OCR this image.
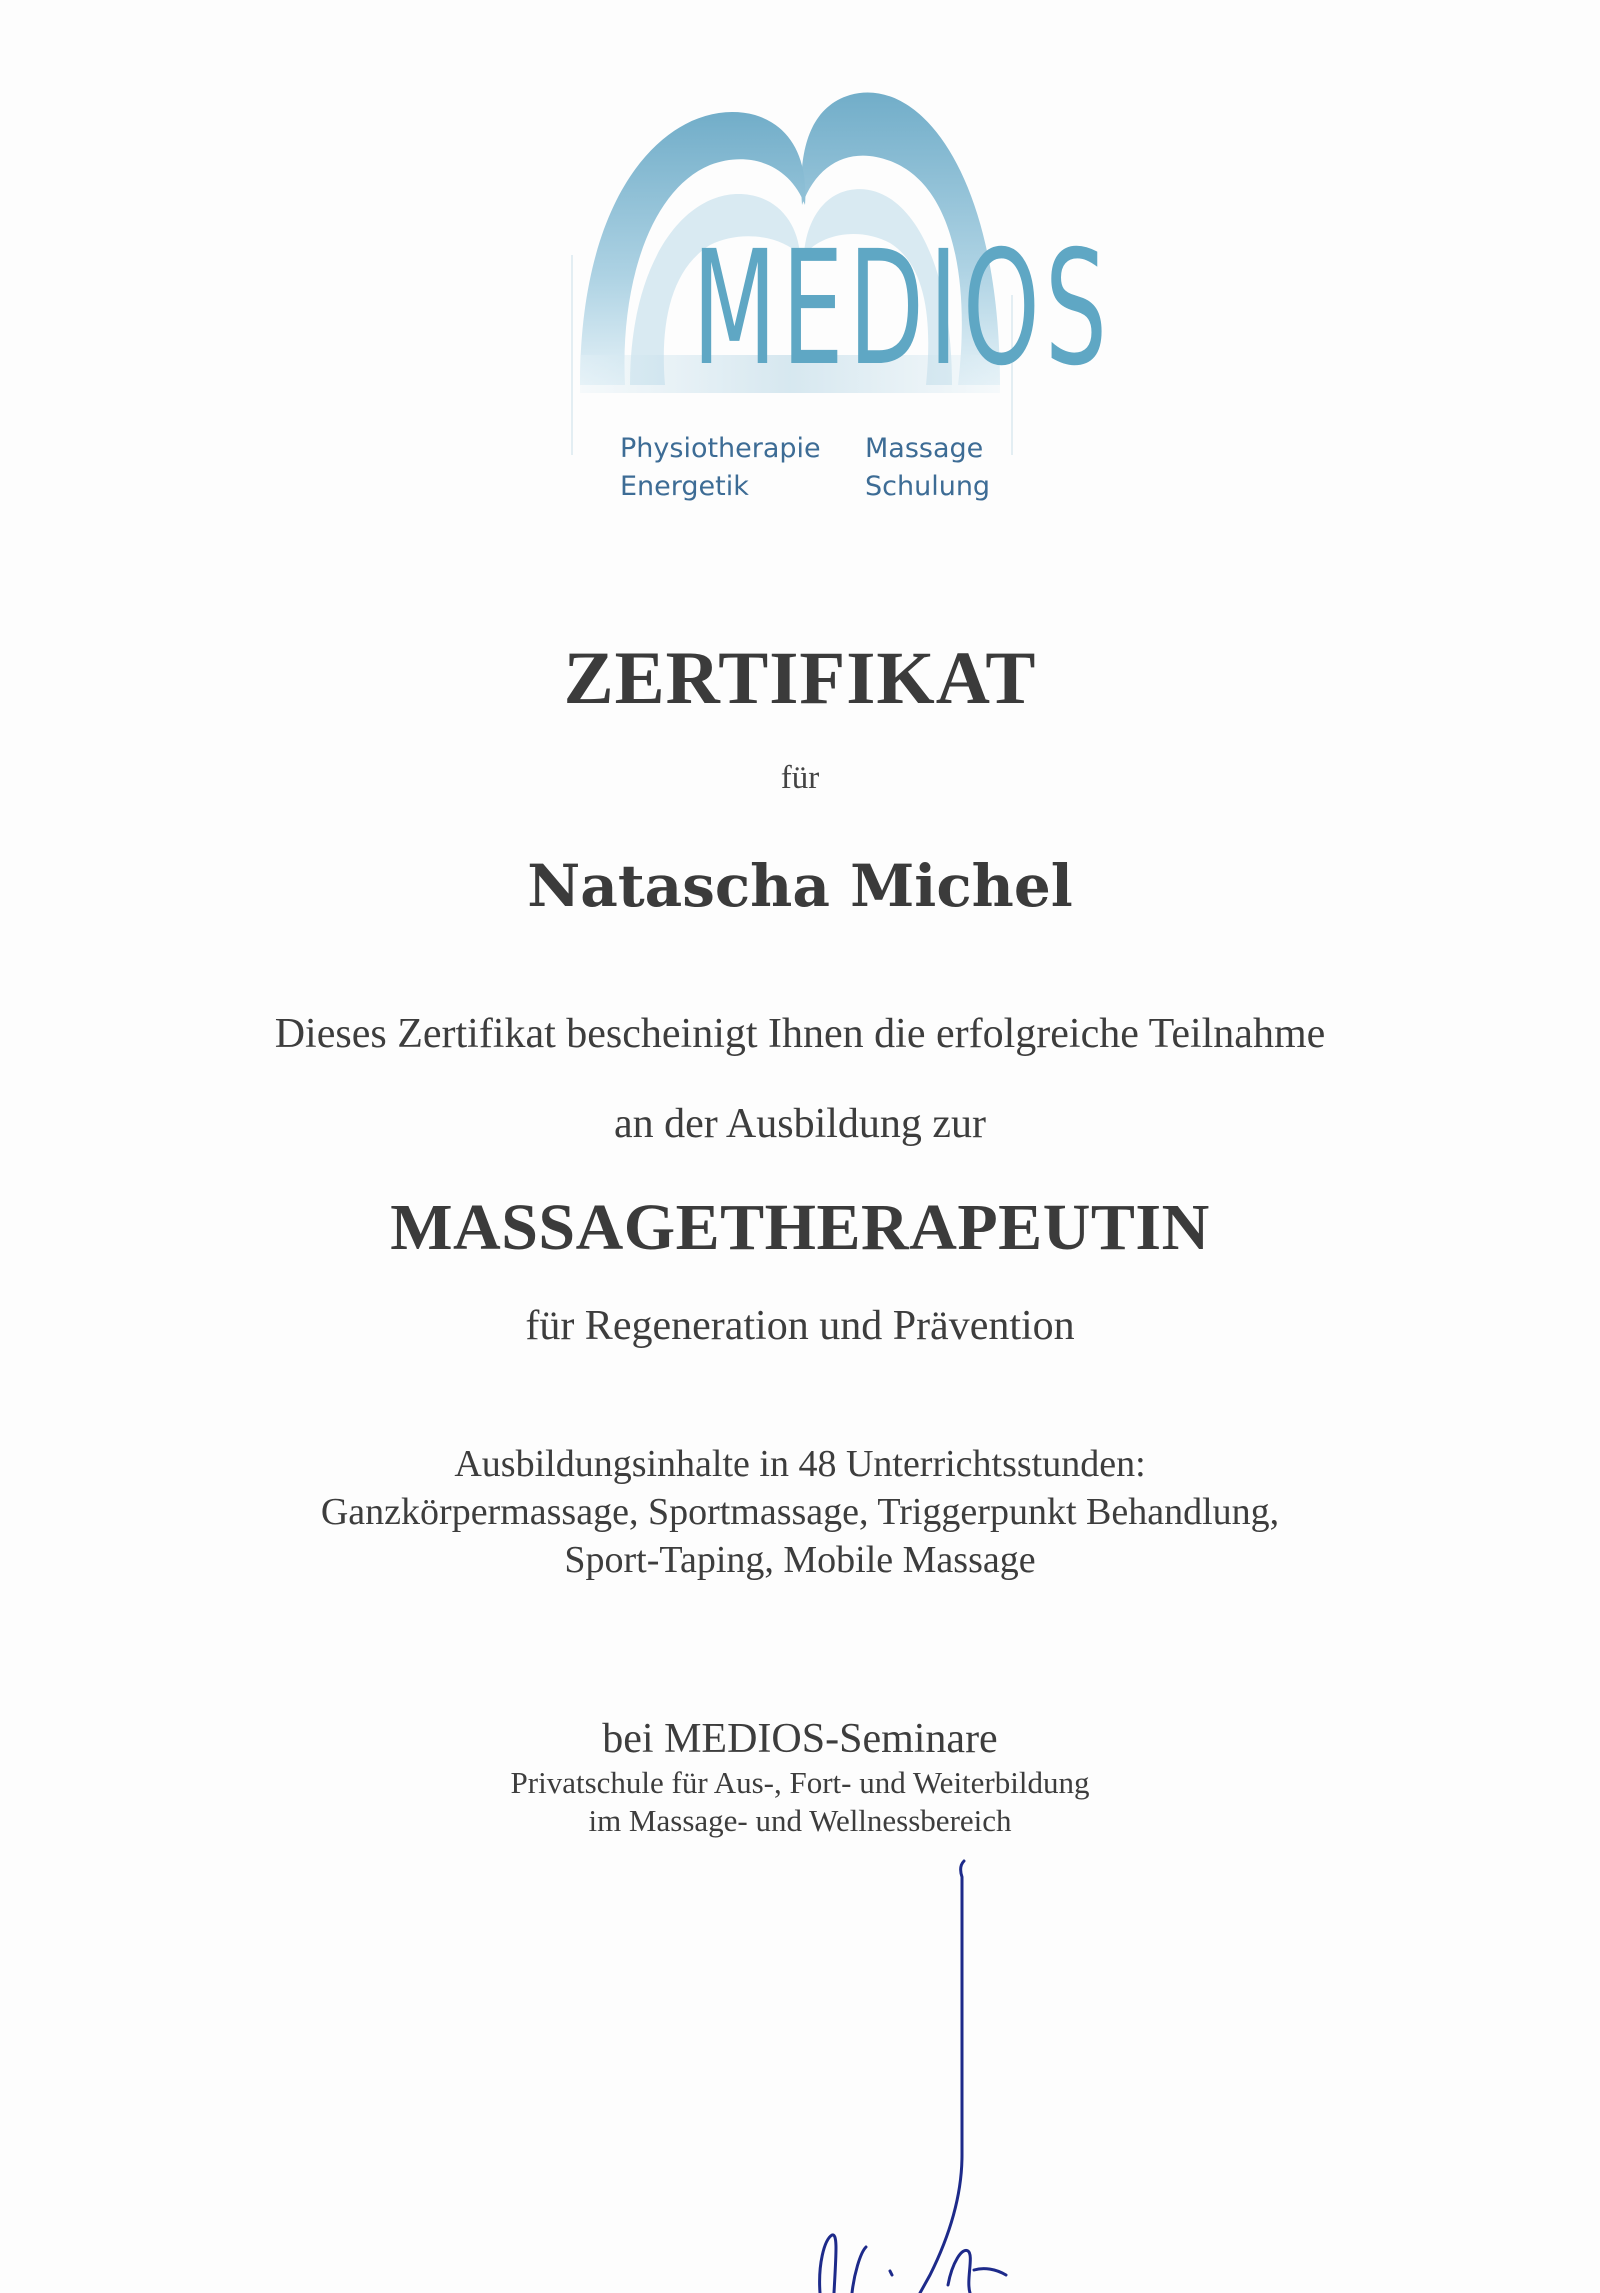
MEDIOS
Physiotherapie
Energetik
Massage
Schulung
ZERTIFIKAT
für
Natascha Michel
Dieses Zertifikat bescheinigt Ihnen die erfolgreiche Teilnahme
an der Ausbildung zur
MASSAGETHERAPEUTIN
für Regeneration und Prävention
Ausbildungsinhalte in 48 Unterrichtsstunden:
Ganzkörpermassage, Sportmassage, Triggerpunkt Behandlung,
Sport-Taping, Mobile Massage
bei MEDIOS-Seminare
Privatschule für Aus-, Fort- und Weiterbildung
im Massage- und Wellnessbereich
